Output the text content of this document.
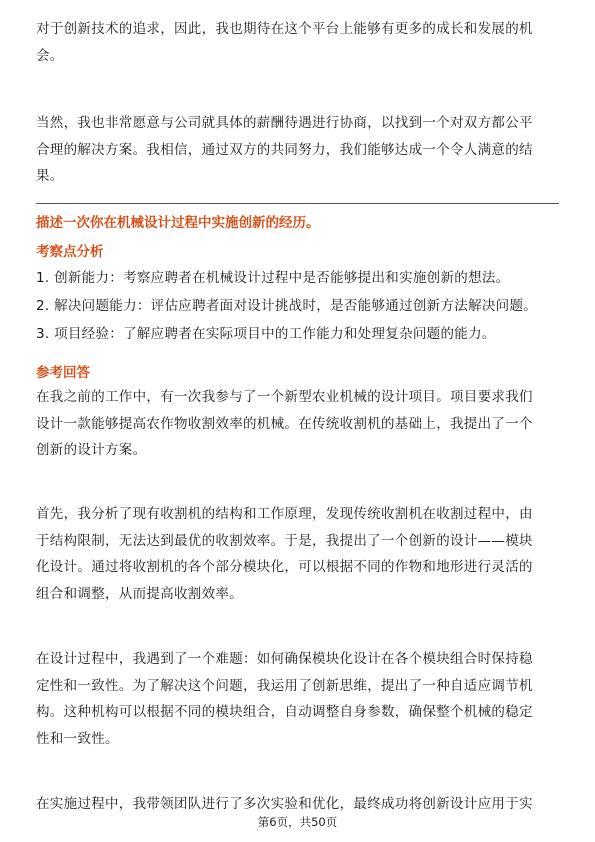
对于创新技术的追求，因此，我也期待在这个平台上能够有更多的成长和发展的机
会。
当然，我也非常愿意与公司就具体的薪酬待遇进行协商，以找到一个对双方都公平
合理的解决方案。我相信，通过双方的共同努力，我们能够达成一个令人满意的结
果。
描述一次你在机械设计过程中实施创新的经历。
考察点分析
1. 创新能力：考察应聘者在机械设计过程中是否能够提出和实施创新的想法。
2. 解决问题能力：评估应聘者面对设计挑战时，是否能够通过创新方法解决问题。
3. 项目经验：了解应聘者在实际项目中的工作能力和处理复杂问题的能力。
参考回答
在我之前的工作中，有一次我参与了一个新型农业机械的设计项目。项目要求我们
设计一款能够提高农作物收割效率的机械。在传统收割机的基础上，我提出了一个
创新的设计方案。
首先，我分析了现有收割机的结构和工作原理，发现传统收割机在收割过程中，由
于结构限制，无法达到最优的收割效率。于是，我提出了一个创新的设计——模块
化设计。通过将收割机的各个部分模块化，可以根据不同的作物和地形进行灵活的
组合和调整，从而提高收割效率。
在设计过程中，我遇到了一个难题：如何确保模块化设计在各个模块组合时保持稳
定性和一致性。为了解决这个问题，我运用了创新思维，提出了一种自适应调节机
构。这种机构可以根据不同的模块组合，自动调整自身参数，确保整个机械的稳定
性和一致性。
在实施过程中，我带领团队进行了多次实验和优化，最终成功将创新设计应用于实
第6页，共50页
